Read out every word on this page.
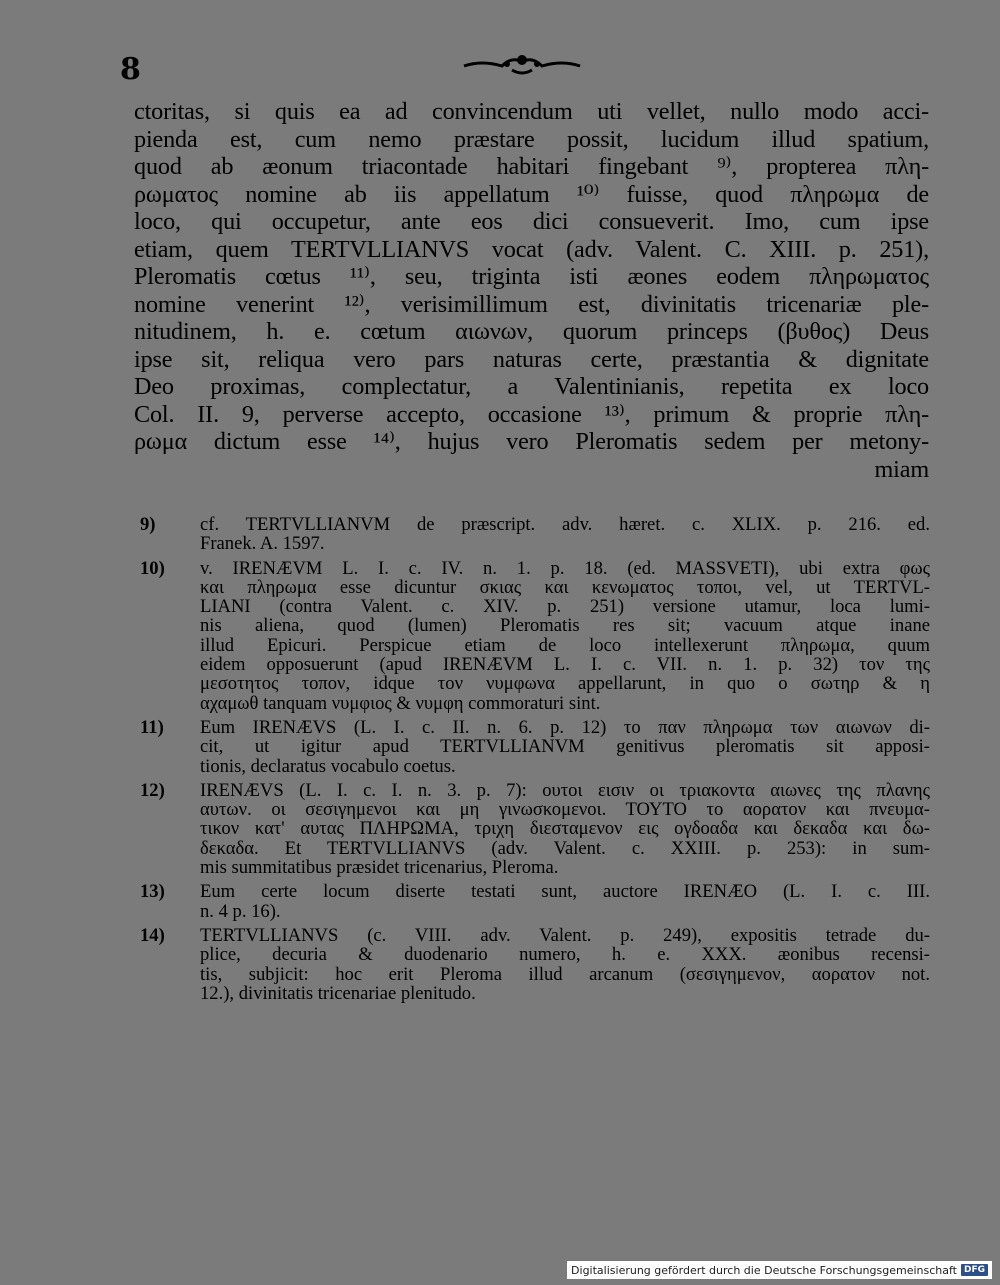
8
ctoritas, si quis ea ad convincendum uti vellet, nullo modo acci-
pienda est, cum nemo præstare possit, lucidum illud spatium,
quod ab æonum triacontade habitari fingebant ⁹⁾, propterea πλη-
ρωματος nomine ab iis appellatum ¹⁰⁾ fuisse, quod πληρωμα de
loco, qui occupetur, ante eos dici consueverit. Imo, cum ipse
etiam, quem TERTVLLIANVS vocat (adv. Valent. C. XIII. p. 251),
Pleromatis cœtus ¹¹⁾, seu, triginta isti æones eodem πληρωματος
nomine venerint ¹²⁾, verisimillimum est, divinitatis tricenariæ ple-
nitudinem, h. e. cœtum αιωνων, quorum princeps (βυθος) Deus
ipse sit, reliqua vero pars naturas certe, præstantia & dignitate
Deo proximas, complectatur, a Valentinianis, repetita ex loco
Col. II. 9, perverse accepto, occasione ¹³⁾, primum & proprie πλη-
ρωμα dictum esse ¹⁴⁾, hujus vero Pleromatis sedem per metony-
miam
9) cf. TERTVLLIANVM de præscript. adv. hæret. c. XLIX. p. 216. ed.
Franek. A. 1597.
10) v. IRENÆVM L. I. c. IV. n. 1. p. 18. (ed. MASSVETI), ubi extra φως
και πληρωμα esse dicuntur σκιας και κενωματος τοποι, vel, ut TERTVL-
LIANI (contra Valent. c. XIV. p. 251) versione utamur, loca lumi-
nis aliena, quod (lumen) Pleromatis res sit; vacuum atque inane
illud Epicuri. Perspicue etiam de loco intellexerunt πληρωμα, quum
eidem opposuerunt (apud IRENÆVM L. I. c. VII. n. 1. p. 32) τον της
μεσοτητος τοπον, idque τον νυμφωνα appellarunt, in quo ο σωτηρ & η
αχαμωθ tanquam νυμφιος & νυμφη commoraturi sint.
11) Eum IRENÆVS (L. I. c. II. n. 6. p. 12) το παν πληρωμα των αιωνων di-
cit, ut igitur apud TERTVLLIANVM genitivus pleromatis sit apposi-
tionis, declaratus vocabulo coetus.
12) IRENÆVS (L. I. c. I. n. 3. p. 7): ουτοι εισιν οι τριακοντα αιωνες της πλανης
αυτων. οι σεσιγημενοι και μη γινωσκομενοι. ΤΟΥΤΟ το αορατον και πνευμα-
τικον κατ' αυτας ΠΛΗΡΩΜΑ, τριχη διεσταμενον εις ογδοαδα και δεκαδα και δω-
δεκαδα. Et TERTVLLIANVS (adv. Valent. c. XXIII. p. 253): in sum-
mis summitatibus præsidet tricenarius, Pleroma.
13) Eum certe locum diserte testati sunt, auctore IRENÆO (L. I. c. III.
n. 4 p. 16).
14) TERTVLLIANVS (c. VIII. adv. Valent. p. 249), expositis tetrade du-
plice, decuria & duodenario numero, h. e. XXX. æonibus recensi-
tis, subjicit: hoc erit Pleroma illud arcanum (σεσιγημενον, αορατον not.
12.), divinitatis tricenariae plenitudo.
Digitalisierung gefördert durch die Deutsche Forschungsgemeinschaft DFG
